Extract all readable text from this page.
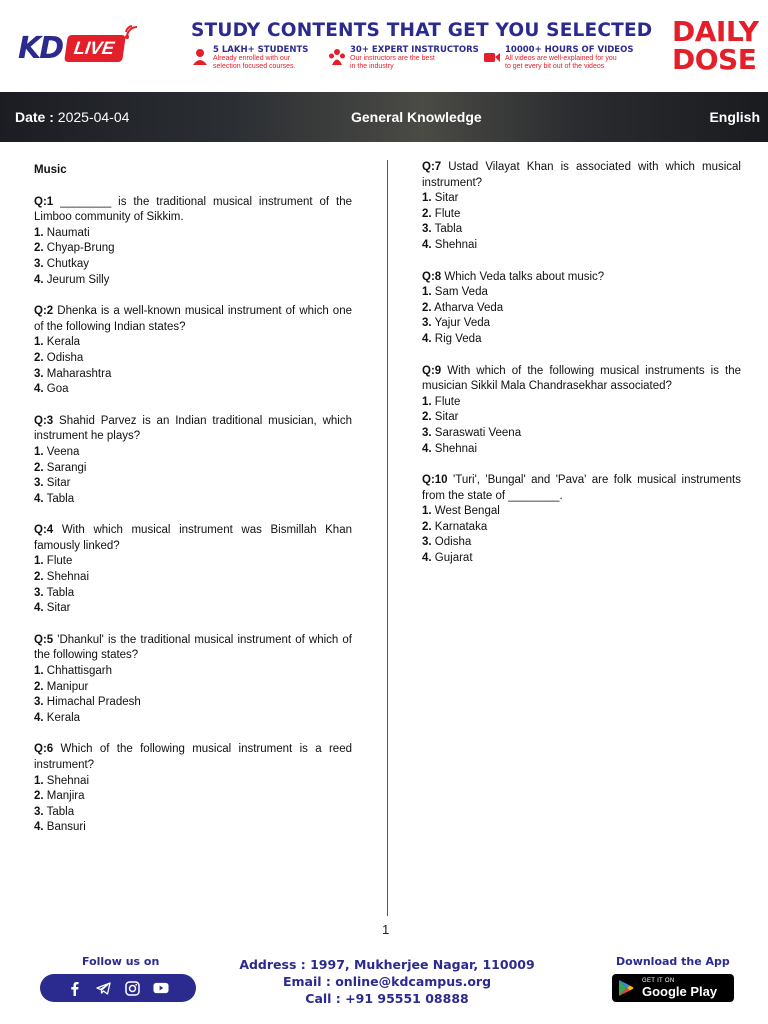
KD LIVE
STUDY CONTENTS THAT GET YOU SELECTED
5 LAKH+ STUDENTS
Already enrolled with our
selection focused courses.
30+ EXPERT INSTRUCTORS
Our instructors are the best
in the industry
10000+ HOURS OF VIDEOS
All videos are well-explained for you
to get every bit out of the videos
DAILY
DOSE
Date : 2025-04-04	General Knowledge	English
Music
Q:1 ________ is the traditional musical instrument of the Limboo community of Sikkim.
1. Naumati
2. Chyap-Brung
3. Chutkay
4. Jeurum Silly
Q:2 Dhenka is a well-known musical instrument of which one of the following Indian states?
1. Kerala
2. Odisha
3. Maharashtra
4. Goa
Q:3 Shahid Parvez is an Indian traditional musician, which instrument he plays?
1. Veena
2. Sarangi
3. Sitar
4. Tabla
Q:4 With which musical instrument was Bismillah Khan famously linked?
1. Flute
2. Shehnai
3. Tabla
4. Sitar
Q:5 'Dhankul' is the traditional musical instrument of which of the following states?
1. Chhattisgarh
2. Manipur
3. Himachal Pradesh
4. Kerala
Q:6 Which of the following musical instrument is a reed instrument?
1. Shehnai
2. Manjira
3. Tabla
4. Bansuri
Q:7 Ustad Vilayat Khan is associated with which musical instrument?
1. Sitar
2. Flute
3. Tabla
4. Shehnai
Q:8 Which Veda talks about music?
1. Sam Veda
2. Atharva Veda
3. Yajur Veda
4. Rig Veda
Q:9 With which of the following musical instruments is the musician Sikkil Mala Chandrasekhar associated?
1. Flute
2. Sitar
3. Saraswati Veena
4. Shehnai
Q:10 'Turi', 'Bungal' and 'Pava' are folk musical instruments from the state of ________.
1. West Bengal
2. Karnataka
3. Odisha
4. Gujarat
1
Follow us on	Address : 1997, Mukherjee Nagar, 110009
Email : online@kdcampus.org
Call : +91 95551 08888
Download the App
GET IT ON
Google Play
